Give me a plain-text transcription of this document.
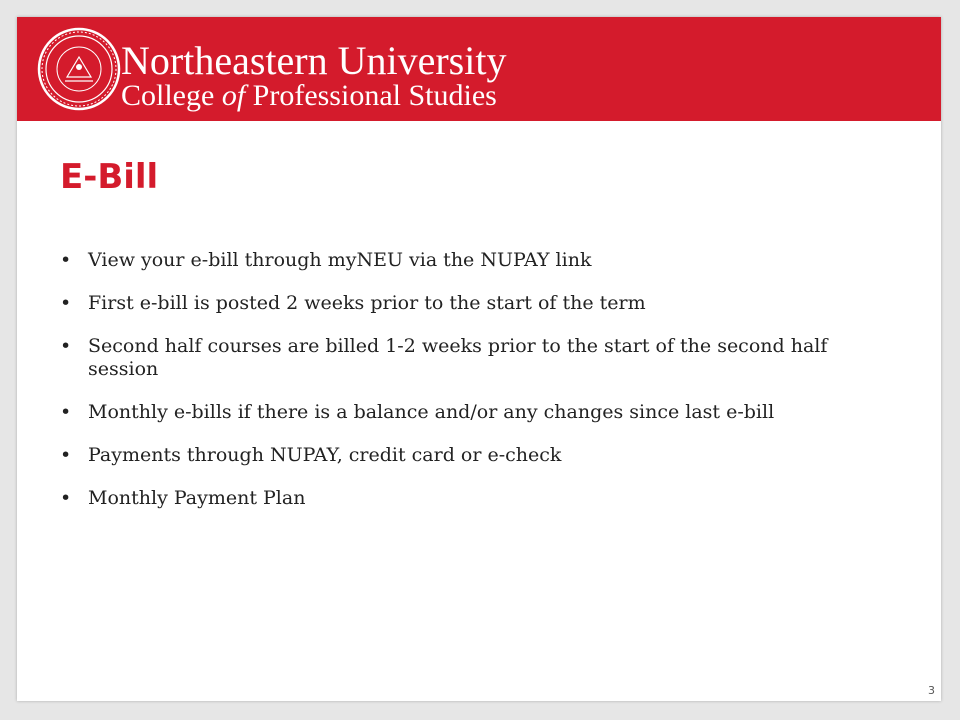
Northeastern University
College of Professional Studies
E-Bill
• View your e-bill through myNEU via the NUPAY link
• First e-bill is posted 2 weeks prior to the start of the term
• Second half courses are billed 1-2 weeks prior to the start of the second half session
• Monthly e-bills if there is a balance and/or any changes since last e-bill
• Payments through NUPAY, credit card or e-check
• Monthly Payment Plan
3
